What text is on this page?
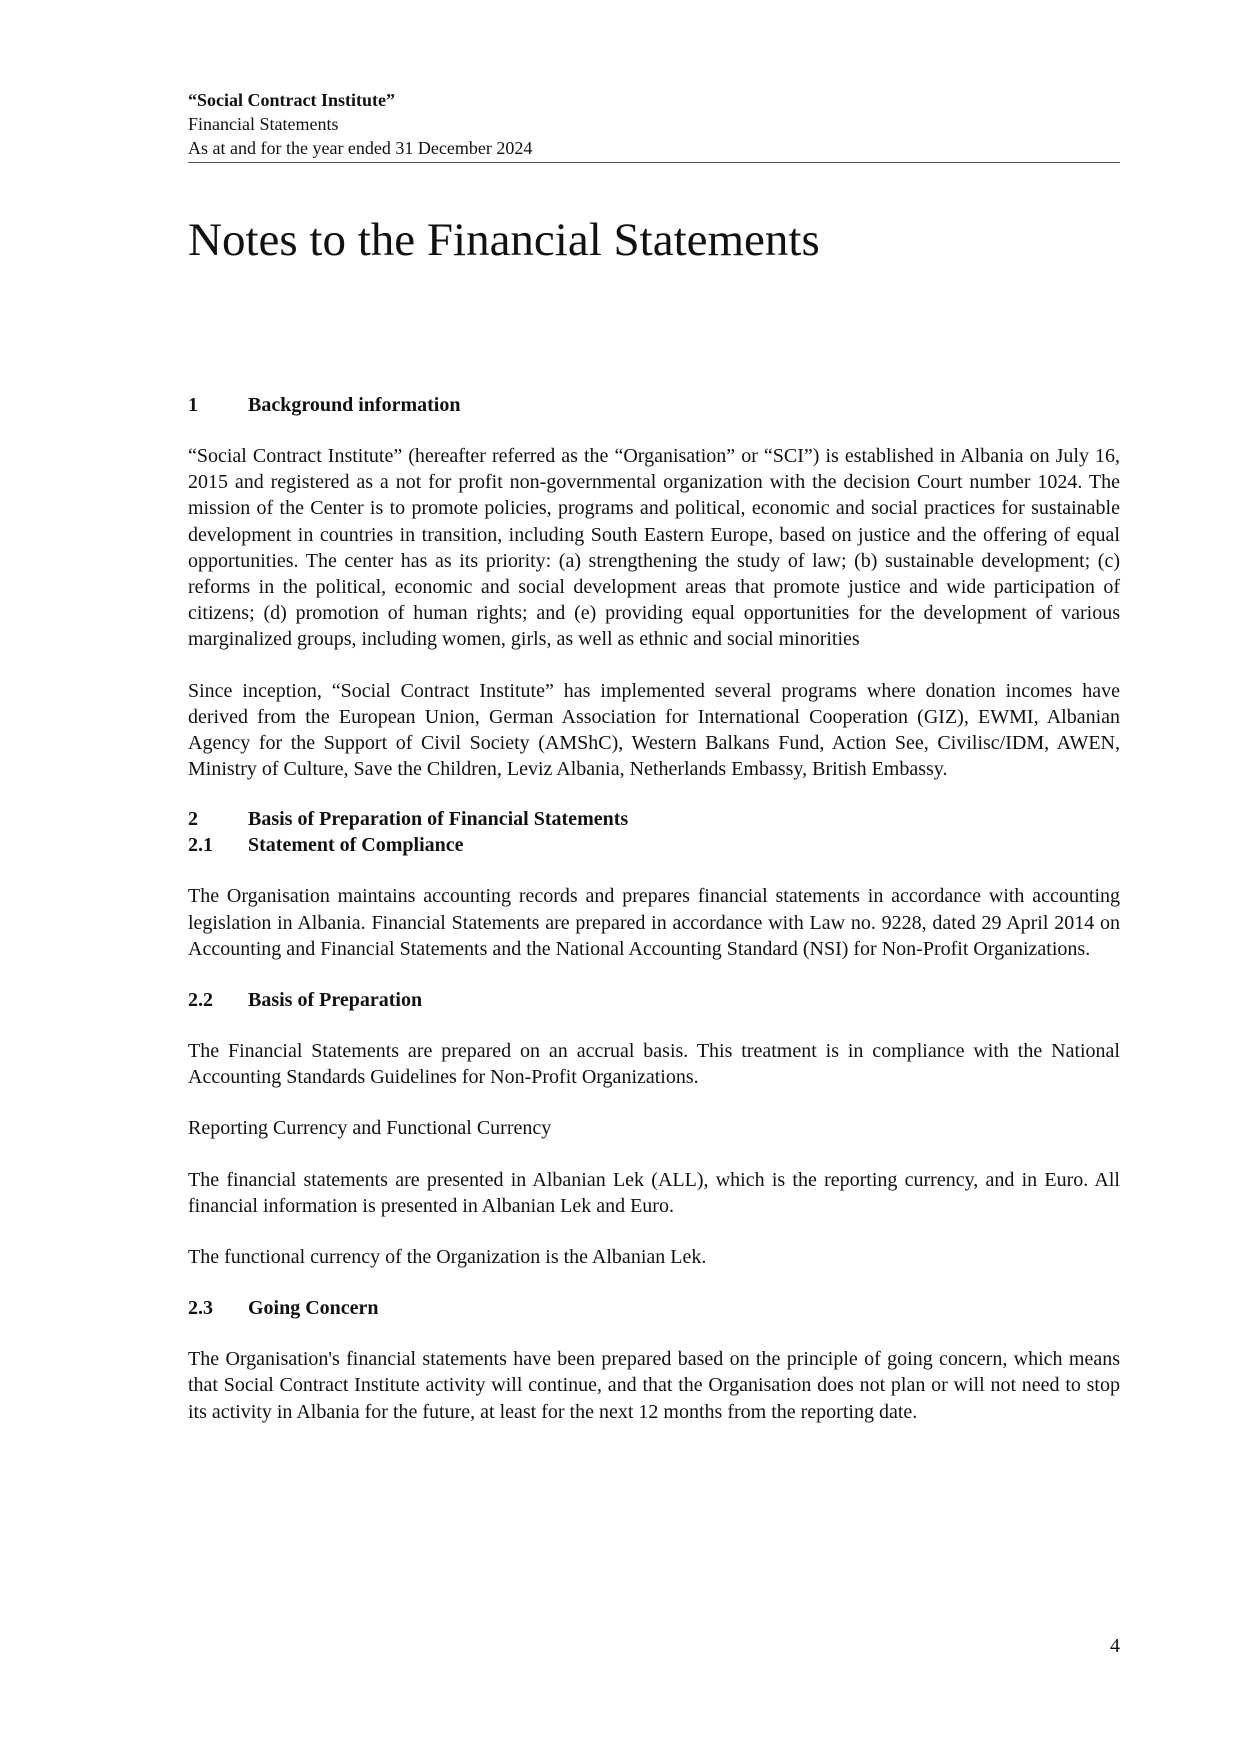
“Social Contract Institute”
Financial Statements
As at and for the year ended 31 December 2024
Notes to the Financial Statements
1	Background information

“Social Contract Institute” (hereafter referred as the “Organisation” or “SCI”) is established in Albania on July 16, 2015 and registered as a not for profit non-governmental organization with the decision Court number 1024. The mission of the Center is to promote policies, programs and political, economic and social practices for sustainable development in countries in transition, including South Eastern Europe, based on justice and the offering of equal opportunities. The center has as its priority: (a) strengthening the study of law; (b) sustainable development; (c) reforms in the political, economic and social development areas that promote justice and wide participation of citizens; (d) promotion of human rights; and (e) providing equal opportunities for the development of various marginalized groups, including women, girls, as well as ethnic and social minorities

Since inception, “Social Contract Institute” has implemented several programs where donation incomes have derived from the European Union, German Association for International Cooperation (GIZ), EWMI, Albanian Agency for the Support of Civil Society (AMShC), Western Balkans Fund, Action See, Civilisc/IDM, AWEN, Ministry of Culture, Save the Children, Leviz Albania, Netherlands Embassy, British Embassy.

2	Basis of Preparation of Financial Statements
2.1	Statement of Compliance

The Organisation maintains accounting records and prepares financial statements in accordance with accounting legislation in Albania. Financial Statements are prepared in accordance with Law no. 9228, dated 29 April 2014 on Accounting and Financial Statements and the National Accounting Standard (NSI) for Non-Profit Organizations.

2.2	Basis of Preparation

The Financial Statements are prepared on an accrual basis. This treatment is in compliance with the National Accounting Standards Guidelines for Non-Profit Organizations.

Reporting Currency and Functional Currency

The financial statements are presented in Albanian Lek (ALL), which is the reporting currency, and in Euro. All financial information is presented in Albanian Lek and Euro.

The functional currency of the Organization is the Albanian Lek.

2.3	Going Concern

The Organisation's financial statements have been prepared based on the principle of going concern, which means that Social Contract Institute activity will continue, and that the Organisation does not plan or will not need to stop its activity in Albania for the future, at least for the next 12 months from the reporting date.

4
